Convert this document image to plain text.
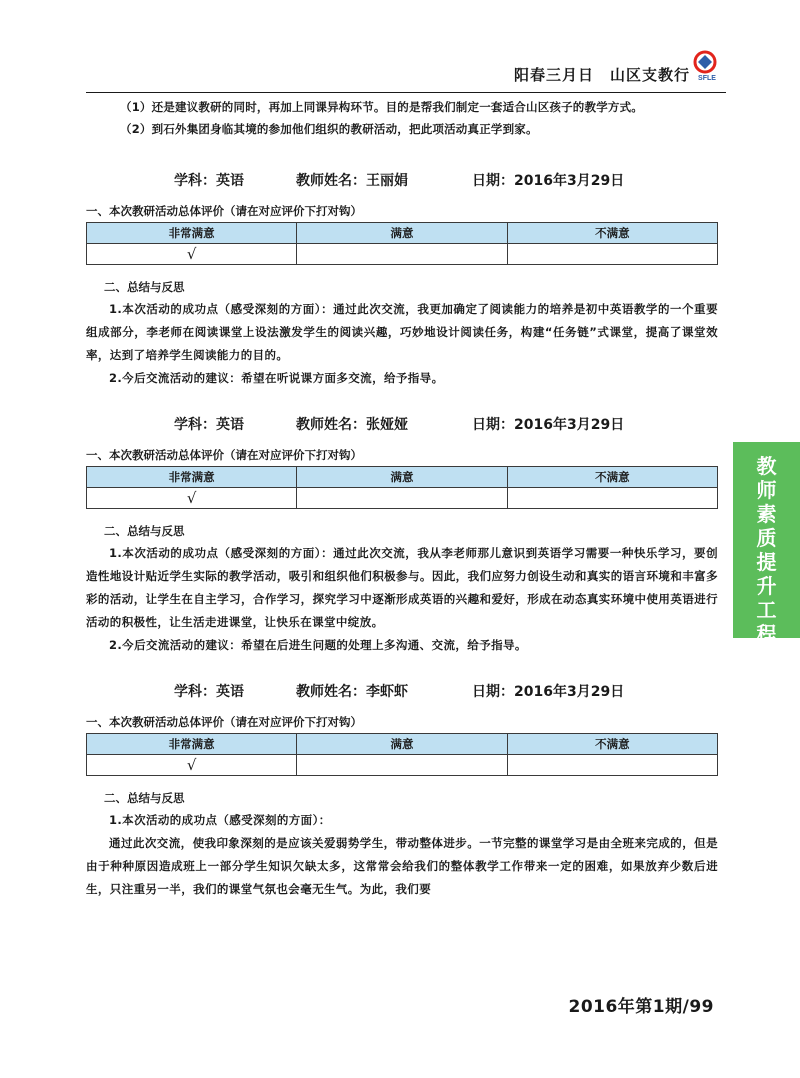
阳春三月日　山区支教行 SFLE

（1）还是建议教研的同时，再加上同课异构环节。目的是帮我们制定一套适合山区孩子的教学方式。

（2）到石外集团身临其境的参加他们组织的教研活动，把此项活动真正学到家。

学科：英语	教师姓名：王丽娟	日期：2016年3月29日

一、本次教研活动总体评价（请在对应评价下打对钩）

非常满意	满意	不满意
√		

二、总结与反思

1.本次活动的成功点（感受深刻的方面）：通过此次交流，我更加确定了阅读能力的培养是初中英语教学的一个重要组成部分，李老师在阅读课堂上设法激发学生的阅读兴趣，巧妙地设计阅读任务，构建“任务链”式课堂，提高了课堂效率，达到了培养学生阅读能力的目的。

2.今后交流活动的建议：希望在听说课方面多交流，给予指导。

学科：英语	教师姓名：张娅娅	日期：2016年3月29日

一、本次教研活动总体评价（请在对应评价下打对钩）

非常满意	满意	不满意
√		

二、总结与反思

1.本次活动的成功点（感受深刻的方面）：通过此次交流，我从李老师那儿意识到英语学习需要一种快乐学习，要创造性地设计贴近学生实际的教学活动，吸引和组织他们积极参与。因此，我们应努力创设生动和真实的语言环境和丰富多彩的活动，让学生在自主学习，合作学习，探究学习中逐渐形成英语的兴趣和爱好，形成在动态真实环境中使用英语进行活动的积极性，让生活走进课堂，让快乐在课堂中绽放。

2.今后交流活动的建议：希望在后进生问题的处理上多沟通、交流，给予指导。

学科：英语	教师姓名：李虾虾	日期：2016年3月29日

一、本次教研活动总体评价（请在对应评价下打对钩）

非常满意	满意	不满意
√		

二、总结与反思

1.本次活动的成功点（感受深刻的方面）：

通过此次交流，使我印象深刻的是应该关爱弱势学生，带动整体进步。一节完整的课堂学习是由全班来完成的，但是由于种种原因造成班上一部分学生知识欠缺太多，这常常会给我们的整体教学工作带来一定的困难，如果放弃少数后进生，只注重另一半，我们的课堂气氛也会毫无生气。为此，我们要

教师素质提升工程
2016年第1期/99
